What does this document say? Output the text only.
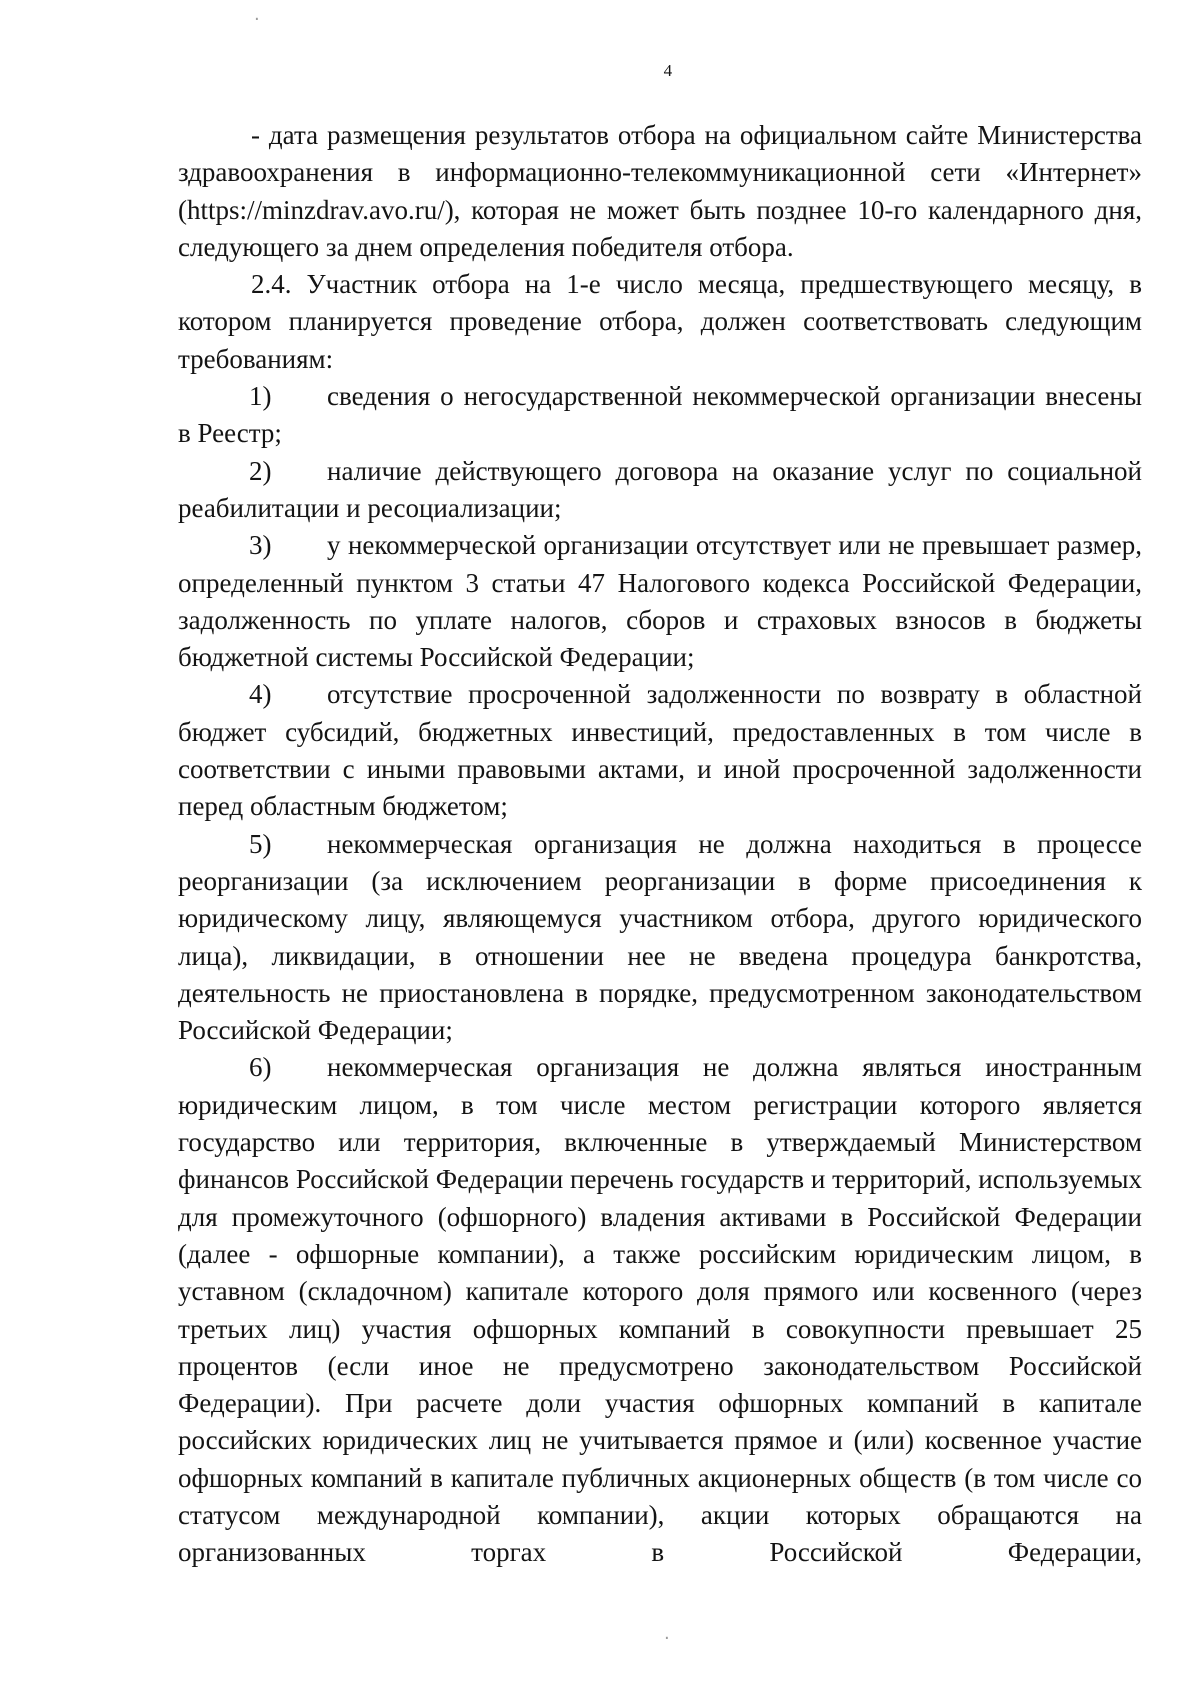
·
4

- дата размещения результатов отбора на официальном сайте Министерства здравоохранения в информационно-телекоммуникационной сети «Интернет» (https://minzdrav.avo.ru/), которая не может быть позднее 10-го календарного дня, следующего за днем определения победителя отбора.

2.4. Участник отбора на 1-е число месяца, предшествующего месяцу, в котором планируется проведение отбора, должен соответствовать следующим требованиям:

1) сведения о негосударственной некоммерческой организации внесены в Реестр;

2) наличие действующего договора на оказание услуг по социальной реабилитации и ресоциализации;

3) у некоммерческой организации отсутствует или не превышает размер, определенный пунктом 3 статьи 47 Налогового кодекса Российской Федерации, задолженность по уплате налогов, сборов и страховых взносов в бюджеты бюджетной системы Российской Федерации;

4) отсутствие просроченной задолженности по возврату в областной бюджет субсидий, бюджетных инвестиций, предоставленных в том числе в соответствии с иными правовыми актами, и иной просроченной задолженности перед областным бюджетом;

5) некоммерческая организация не должна находиться в процессе реорганизации (за исключением реорганизации в форме присоединения к юридическому лицу, являющемуся участником отбора, другого юридического лица), ликвидации, в отношении нее не введена процедура банкротства, деятельность не приостановлена в порядке, предусмотренном законодательством Российской Федерации;

6) некоммерческая организация не должна являться иностранным юридическим лицом, в том числе местом регистрации которого является государство или территория, включенные в утверждаемый Министерством финансов Российской Федерации перечень государств и территорий, используемых для промежуточного (офшорного) владения активами в Российской Федерации (далее - офшорные компании), а также российским юридическим лицом, в уставном (складочном) капитале которого доля прямого или косвенного (через третьих лиц) участия офшорных компаний в совокупности превышает 25 процентов (если иное не предусмотрено законодательством Российской Федерации). При расчете доли участия офшорных компаний в капитале российских юридических лиц не учитывается прямое и (или) косвенное участие офшорных компаний в капитале публичных акционерных обществ (в том числе со статусом международной компании), акции которых обращаются на организованных торгах в Российской Федерации,

·
